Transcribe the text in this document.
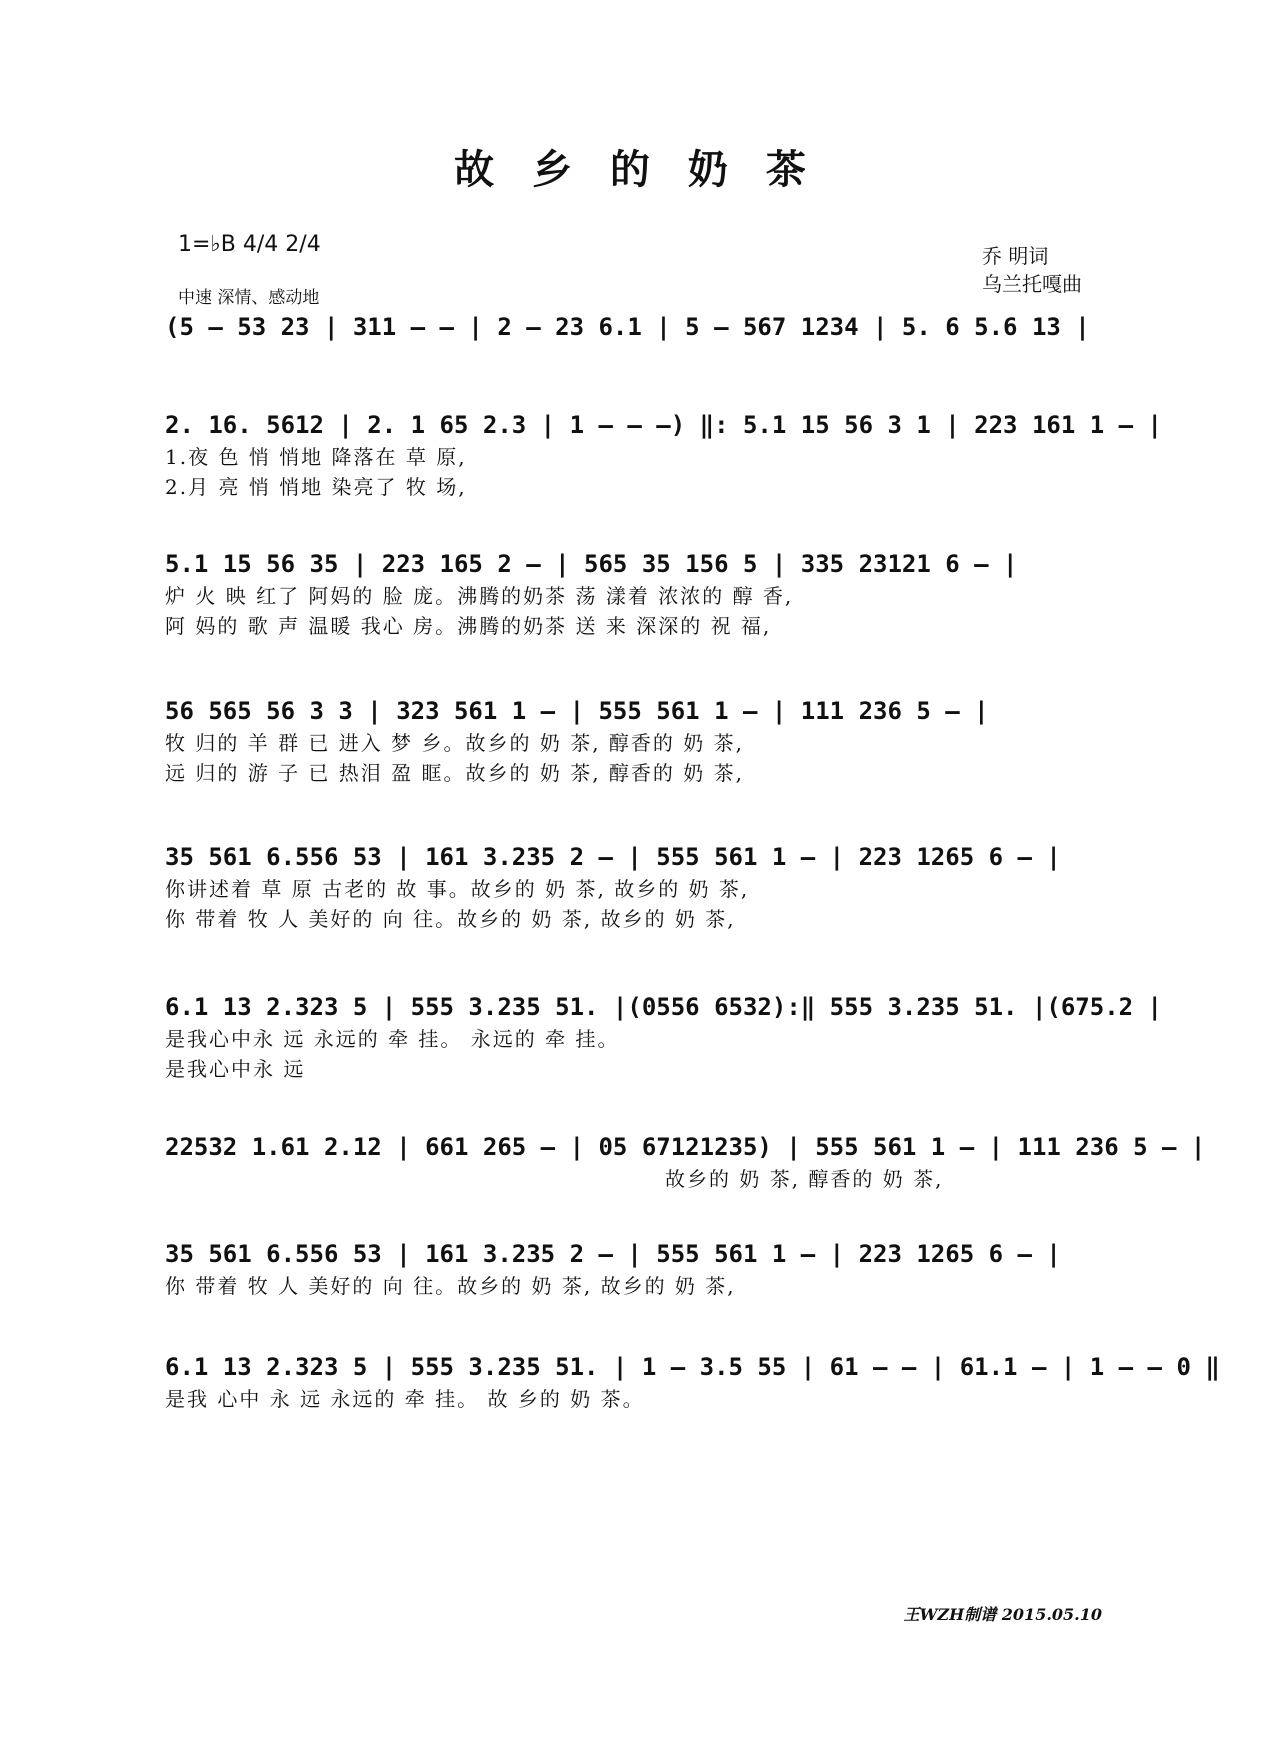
故 乡 的 奶 茶
1=♭B 4/4 2/4
中速 深情、感动地
乔 明词
乌兰托嘎曲
(5 – 53 23 | 311 – – | 2 – 23 6.1 | 5 – 567 1234 | 5. 6 5.6 13 |
2. 16. 5612 | 2. 1 65 2.3 | 1 – – –) ‖: 5.1 15 56 3 1 | 223 161 1 – |
1.夜 色 悄 悄地 降落在 草 原,
2.月 亮 悄 悄地 染亮了 牧 场,
5.1 15 56 35 | 223 165 2 – | 565 35 156 5 | 335 23121 6 – |
炉 火 映 红了 阿妈的 脸 庞。沸腾的奶茶 荡 漾着 浓浓的 醇 香,
阿 妈的 歌 声 温暖 我心 房。沸腾的奶茶 送 来 深深的 祝 福,
56 565 56 3 3 | 323 561 1 – | 555 561 1 – | 111 236 5 – |
牧 归的 羊 群 已 进入 梦 乡。故乡的 奶 茶, 醇香的 奶 茶,
远 归的 游 子 已 热泪 盈 眶。故乡的 奶 茶, 醇香的 奶 茶,
35 561 6.556 53 | 161 3.235 2 – | 555 561 1 – | 223 1265 6 – |
你讲述着 草 原 古老的 故 事。故乡的 奶 茶, 故乡的 奶 茶,
你 带着 牧 人 美好的 向 往。故乡的 奶 茶, 故乡的 奶 茶,
6.1 13 2.323 5 | 555 3.235 51. |(0556 6532):‖ 555 3.235 51. |(675.2 |
是我心中永 远 永远的 牵 挂。 永远的 牵 挂。
是我心中永 远
22532 1.61 2.12 | 661 265 – | 05 67121235) | 555 561 1 – | 111 236 5 – |
故乡的 奶 茶, 醇香的 奶 茶,
35 561 6.556 53 | 161 3.235 2 – | 555 561 1 – | 223 1265 6 – |
你 带着 牧 人 美好的 向 往。故乡的 奶 茶, 故乡的 奶 茶,
6.1 13 2.323 5 | 555 3.235 51. | 1 – 3.5 55 | 61 – – | 61.1 – | 1 – – 0 ‖
是我 心中 永 远 永远的 牵 挂。 故 乡的 奶 茶。
王WZH制谱 2015.05.10
